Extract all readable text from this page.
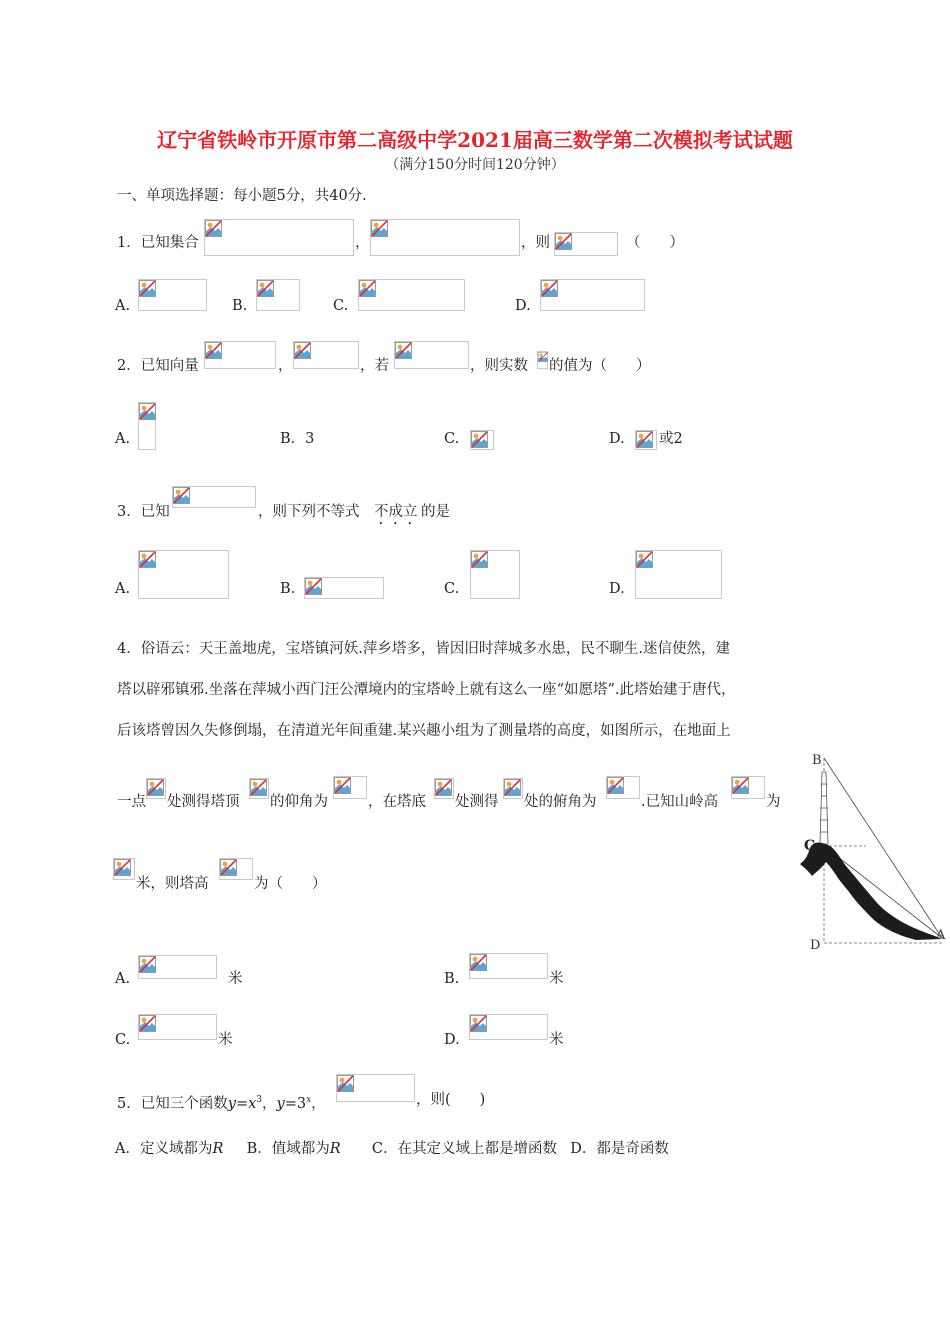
辽宁省铁岭市开原市第二高级中学2021届高三数学第二次模拟考试试题
（满分150分时间120分钟）
一、单项选择题：每小题5分，共40分.
1．已知集合	，	，则	（　　）
A.	B.	C.	D.
2．已知向量	，	，若	，则实数 的值为（　　）
A.	B．3	C.	D. 或2
3．已知	，则下列不等式 不成立 的是
A.	B.	C.	D.
4．俗语云：天王盖地虎，宝塔镇河妖.萍乡塔多，皆因旧时萍城多水患，民不聊生.迷信使然，建
塔以辟邪镇邪.坐落在萍城小西门汪公潭境内的宝塔岭上就有这么一座“如愿塔”.此塔始建于唐代，
后该塔曾因久失修倒塌，在清道光年间重建.某兴趣小组为了测量塔的高度，如图所示，在地面上
一点 处测得塔顶 的仰角为	，在塔底 处测得 处的俯角为	.已知山岭高	为
米，则塔高	为（　　）
B
C
D
A
A.	米	B.	米
C.	米	D.	米
5．已知三个函数$y=x^3$，$y=3^x$，	，则(　　)
A．定义域都为R B．值域都为R C．在其定义域上都是增函数 D．都是奇函数
